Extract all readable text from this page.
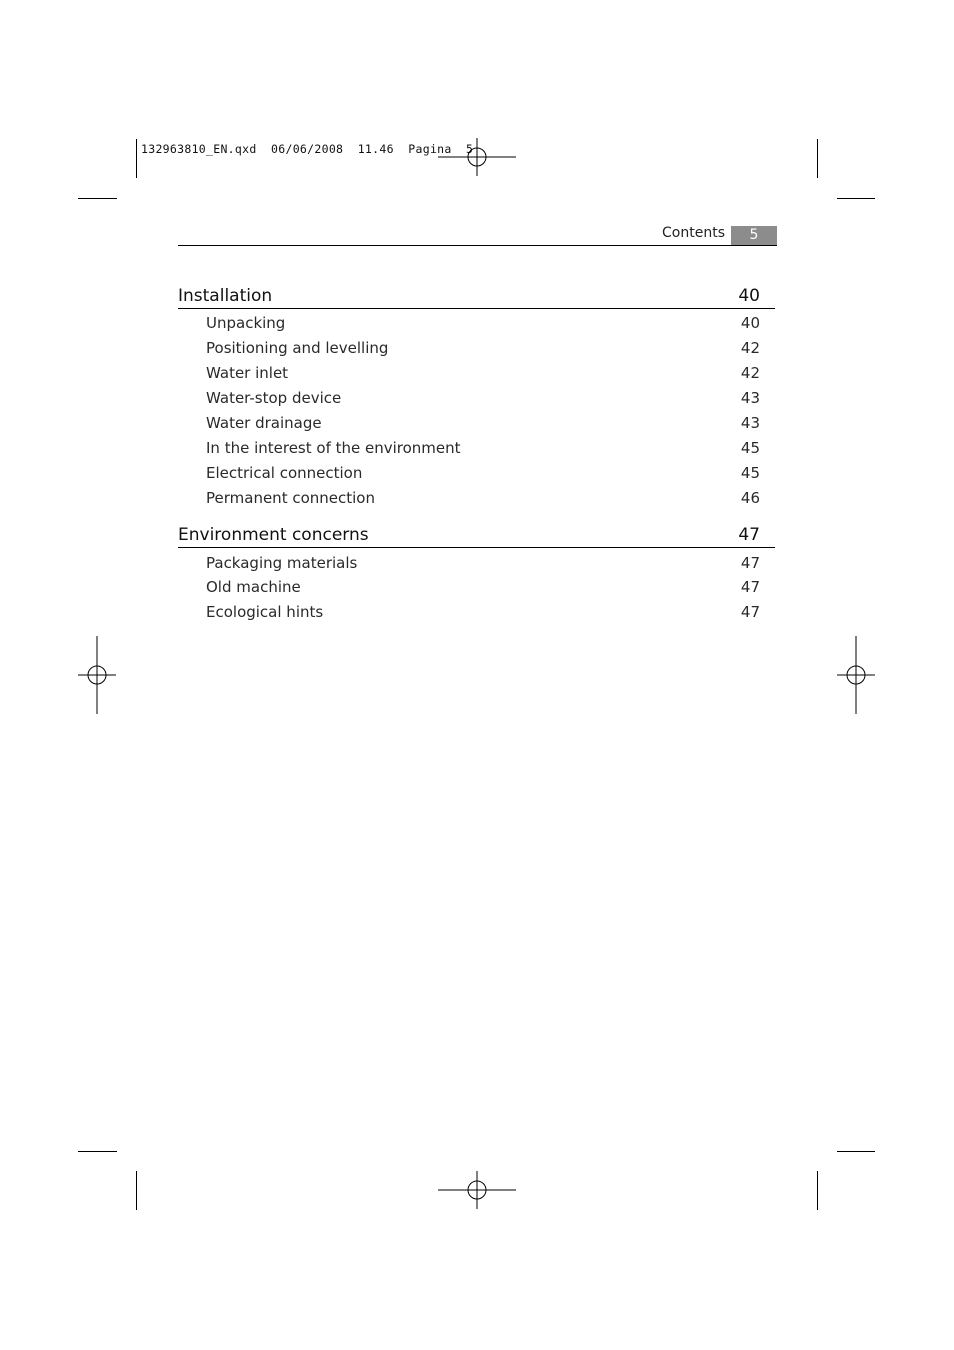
132963810_EN.qxd  06/06/2008  11.46  Pagina  5
Contents	5
Installation	40
Unpacking	40
Positioning and levelling	42
Water inlet	42
Water-stop device	43
Water drainage	43
In the interest of the environment	45
Electrical connection	45
Permanent connection	46
Environment concerns	47
Packaging materials	47
Old machine	47
Ecological hints	47
